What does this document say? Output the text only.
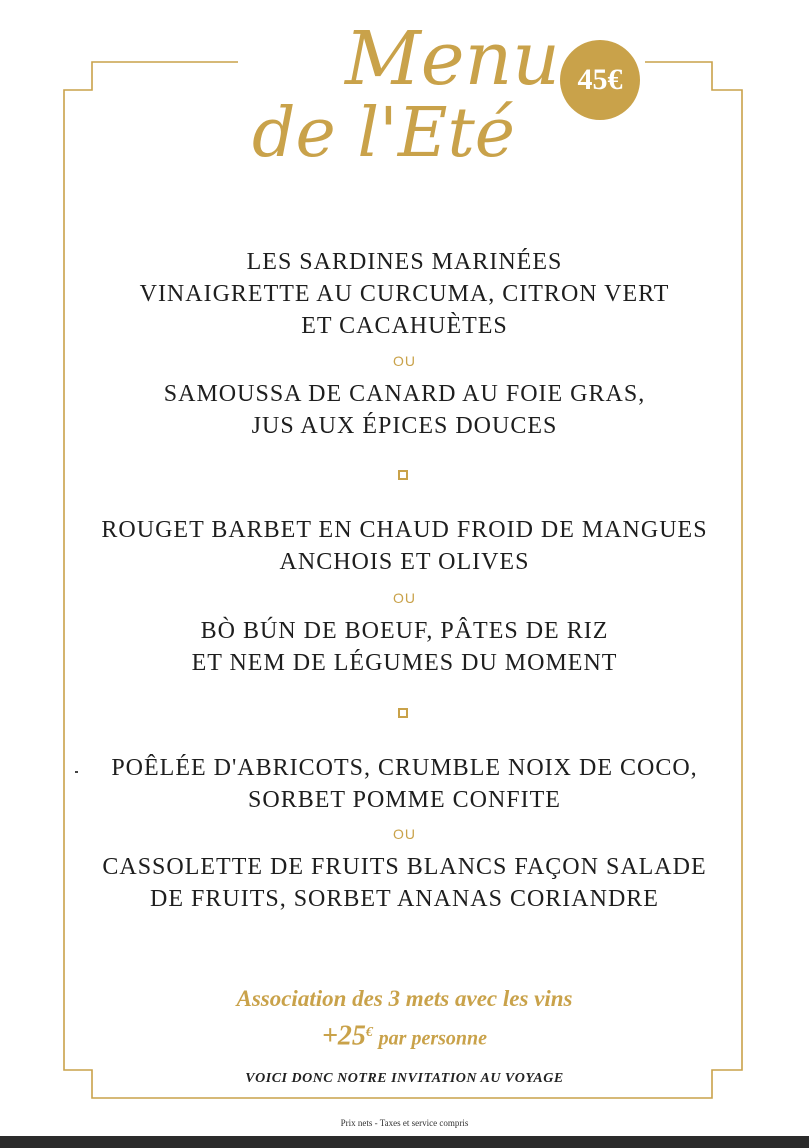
Menu
de l'Eté
45€
LES SARDINES MARINÉES
VINAIGRETTE AU CURCUMA, CITRON VERT
ET CACAHUÈTES
OU
SAMOUSSA DE CANARD AU FOIE GRAS,
JUS AUX ÉPICES DOUCES
ROUGET BARBET EN CHAUD FROID DE MANGUES
ANCHOIS ET OLIVES
OU
BÒ BÚN DE BOEUF, PÂTES DE RIZ
ET NEM DE LÉGUMES DU MOMENT
POÊLÉE D'ABRICOTS, CRUMBLE NOIX DE COCO,
SORBET POMME CONFITE
OU
CASSOLETTE DE FRUITS BLANCS FAÇON SALADE
DE FRUITS, SORBET ANANAS CORIANDRE
Association des 3 mets avec les vins
+25€ par personne
VOICI DONC NOTRE INVITATION AU VOYAGE
Prix nets - Taxes et service compris
